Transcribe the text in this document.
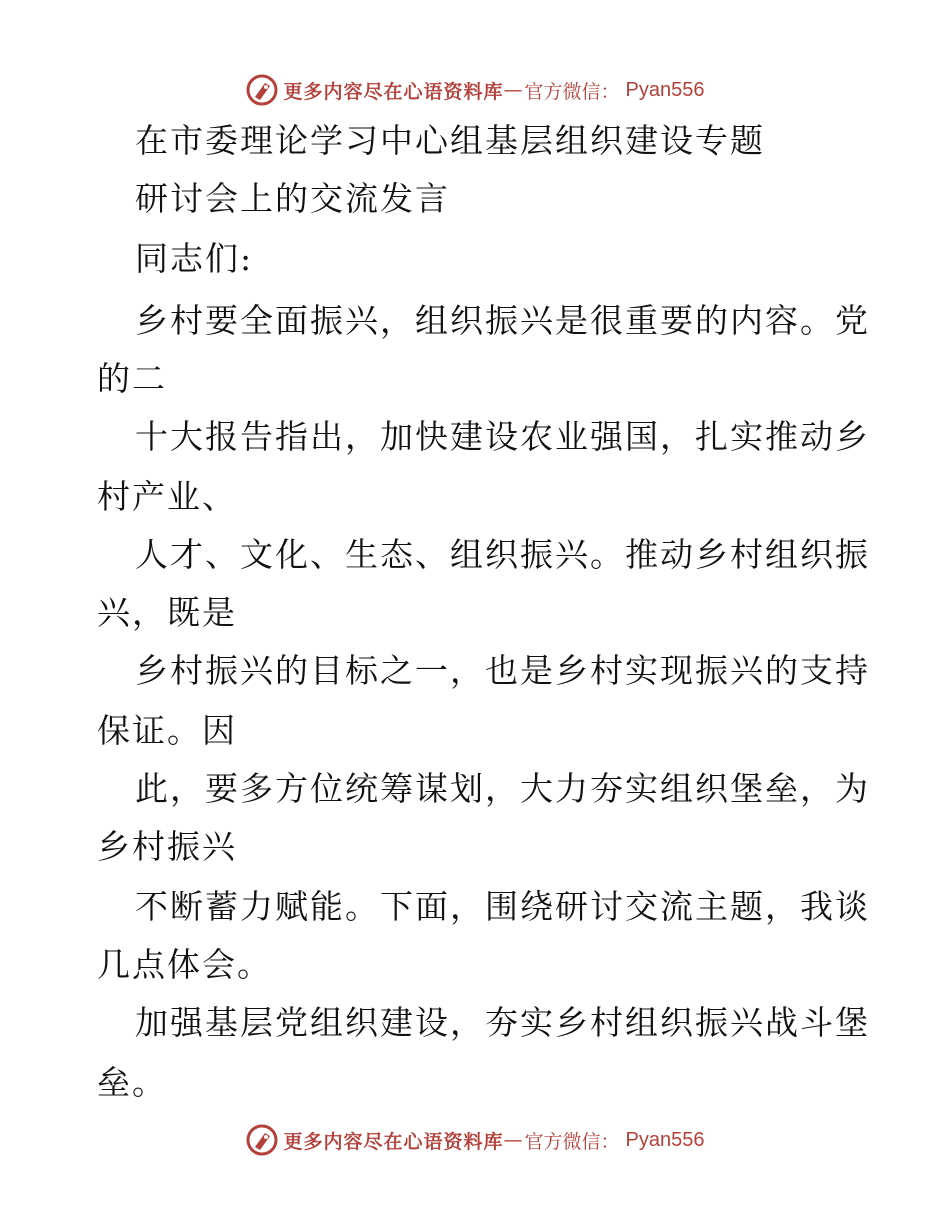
更多内容尽在心语资料库 — 官方微信： Pyan556
在市委理论学习中心组基层组织建设专题
研讨会上的交流发言
同志们:
乡村要全面振兴，组织振兴是很重要的内容。党
的二
十大报告指出，加快建设农业强国，扎实推动乡
村产业、
人才、文化、生态、组织振兴。推动乡村组织振
兴，既是
乡村振兴的目标之一，也是乡村实现振兴的支持
保证。因
此，要多方位统筹谋划，大力夯实组织堡垒，为
乡村振兴
不断蓄力赋能。下面，围绕研讨交流主题，我谈
几点体会。
加强基层党组织建设，夯实乡村组织振兴战斗堡
垒。
更多内容尽在心语资料库 — 官方微信： Pyan556
